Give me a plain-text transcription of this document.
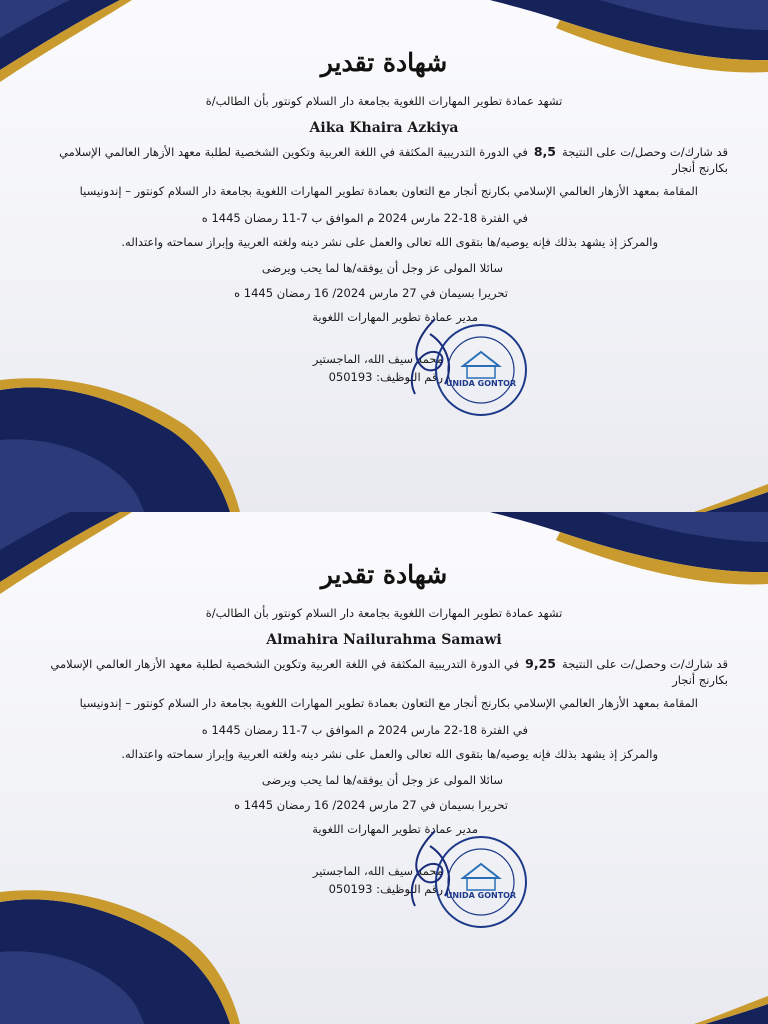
شهادة تقدير
تشهد عمادة تطوير المهارات اللغوية بجامعة دار السلام كونتور بأن الطالب/ة
Aika Khaira Azkiya
قد شارك/ت وحصل/ت على النتيجة8,5في الدورة التدريبية المكثفة في اللغة العربية وتكوين الشخصية لطلبة معهد الأزهار العالمي الإسلامي بكارنج أنجار
المقامة بمعهد الأزهار العالمي الإسلامي بكارنج أنجار مع التعاون بعمادة تطوير المهارات اللغوية بجامعة دار السلام كونتور – إندونيسيا
في الفترة 18-22 مارس 2024 م الموافق ب 7-11 رمضان 1445 ه
والمركز إذ يشهد بذلك فإنه يوصيه/ها بتقوى الله تعالى والعمل على نشر دينه ولغته العربية وإبراز سماحته واعتداله.
سائلا المولى عز وجل أن يوفقه/ها لما يحب ويرضى
تحريرا بسيمان في 27 مارس 2024/ 16 رمضان 1445 ه
مدير عمادة تطوير المهارات اللغوية
محمد سيف الله، الماجستير
رقم التوظيف: 050193 UNIDA GONTOR
شهادة تقدير
تشهد عمادة تطوير المهارات اللغوية بجامعة دار السلام كونتور بأن الطالب/ة
Almahira Nailurahma Samawi
قد شارك/ت وحصل/ت على النتيجة9,25في الدورة التدريبية المكثفة في اللغة العربية وتكوين الشخصية لطلبة معهد الأزهار العالمي الإسلامي بكارنج أنجار
المقامة بمعهد الأزهار العالمي الإسلامي بكارنج أنجار مع التعاون بعمادة تطوير المهارات اللغوية بجامعة دار السلام كونتور – إندونيسيا
في الفترة 18-22 مارس 2024 م الموافق ب 7-11 رمضان 1445 ه
والمركز إذ يشهد بذلك فإنه يوصيه/ها بتقوى الله تعالى والعمل على نشر دينه ولغته العربية وإبراز سماحته واعتداله.
سائلا المولى عز وجل أن يوفقه/ها لما يحب ويرضى
تحريرا بسيمان في 27 مارس 2024/ 16 رمضان 1445 ه
مدير عمادة تطوير المهارات اللغوية
محمد سيف الله، الماجستير
رقم التوظيف: 050193 UNIDA GONTOR
